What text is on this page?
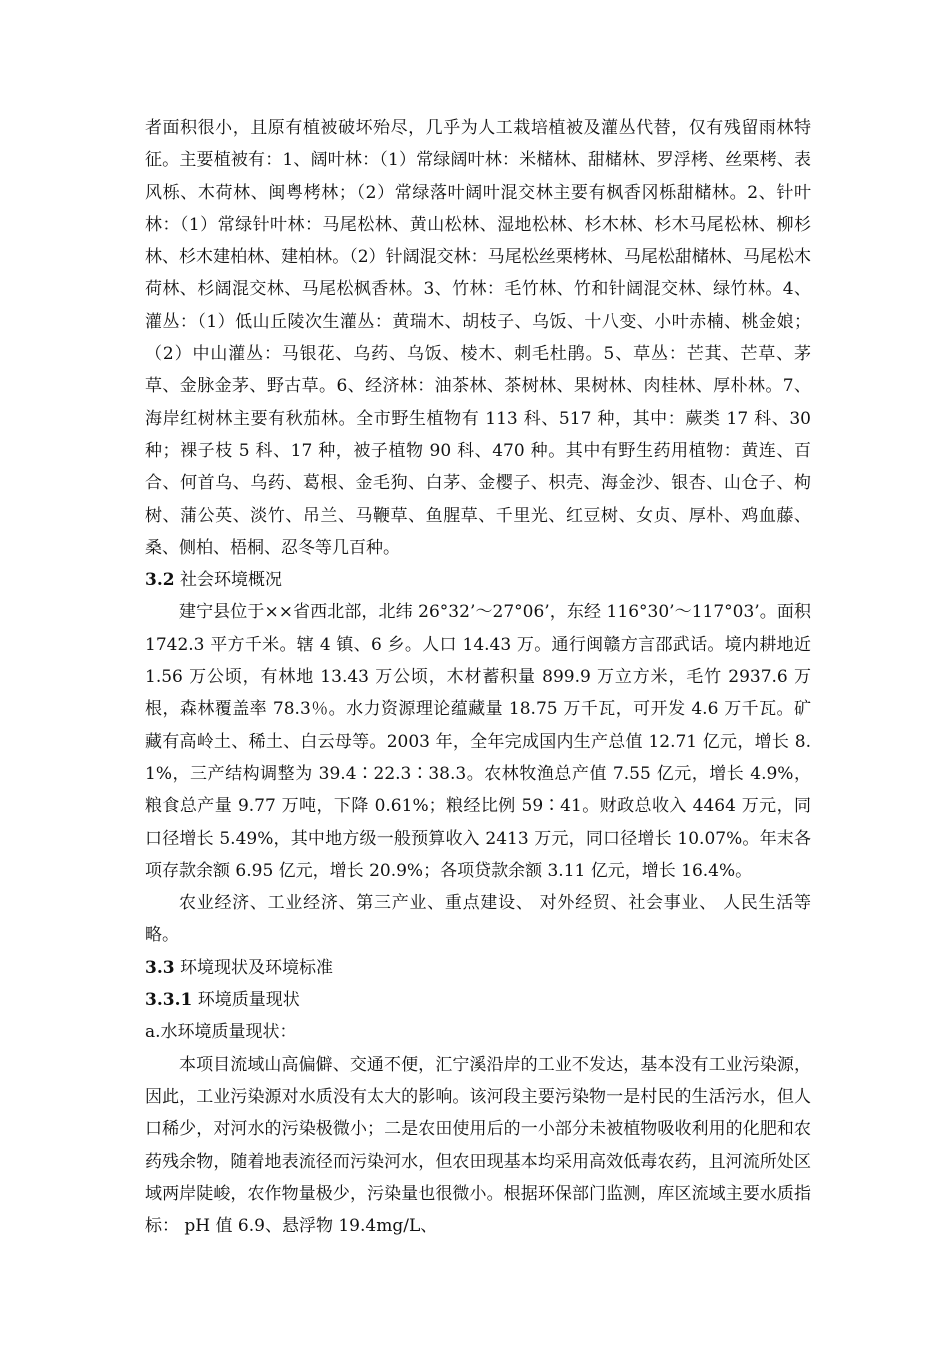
者面积很小，且原有植被破坏殆尽，几乎为人工栽培植被及灌丛代替，仅有残留雨林特征。主要植被有：1、阔叶林：（1）常绿阔叶林：米槠林、甜槠林、罗浮栲、丝栗栲、表风栎、木荷林、闽粤栲林；（2）常绿落叶阔叶混交林主要有枫香冈栎甜槠林。2、针叶林：（1）常绿针叶林：马尾松林、黄山松林、湿地松林、杉木林、杉木马尾松林、柳杉林、杉木建柏林、建柏林。（2）针阔混交林：马尾松丝栗栲林、马尾松甜槠林、马尾松木荷林、杉阔混交林、马尾松枫香林。3、竹林：毛竹林、竹和针阔混交林、绿竹林。4、灌丛：（1）低山丘陵次生灌丛：黄瑞木、胡枝子、乌饭、十八变、小叶赤楠、桃金娘；（2）中山灌丛：马银花、乌药、乌饭、棱木、刺毛杜鹃。5、草丛：芒萁、芒草、茅草、金脉金茅、野古草。6、经济林：油茶林、茶树林、果树林、肉桂林、厚朴林。7、海岸红树林主要有秋茄林。全市野生植物有 113 科、517 种，其中：蕨类 17 科、30 种；裸子枝 5 科、17 种，被子植物 90 科、470 种。其中有野生药用植物：黄连、百合、何首乌、乌药、葛根、金毛狗、白茅、金樱子、枳壳、海金沙、银杏、山仓子、枸树、蒲公英、淡竹、吊兰、马鞭草、鱼腥草、千里光、红豆树、女贞、厚朴、鸡血藤、桑、侧柏、梧桐、忍冬等几百种。

3.2 社会环境概况

建宁县位于××省西北部，北纬 26°32’～27°06’，东经 116°30’～117°03’。面积 1742.3 平方千米。辖 4 镇、6 乡。人口 14.43 万。通行闽赣方言邵武话。境内耕地近 1.56 万公顷，有林地 13.43 万公顷，木材蓄积量 899.9 万立方米，毛竹 2937.6 万根，森林覆盖率 78.3％。水力资源理论蕴藏量 18.75 万千瓦，可开发 4.6 万千瓦。矿藏有高岭土、稀土、白云母等。2003 年，全年完成国内生产总值 12.71 亿元，增长 8.1%，三产结构调整为 39.4∶22.3∶38.3。农林牧渔总产值 7.55 亿元，增长 4.9%，粮食总产量 9.77 万吨，下降 0.61%；粮经比例 59∶41。财政总收入 4464 万元，同口径增长 5.49%，其中地方级一般预算收入 2413 万元，同口径增长 10.07%。年末各项存款余额 6.95 亿元，增长 20.9%；各项贷款余额 3.11 亿元，增长 16.4%。

农业经济、工业经济、第三产业、重点建设、 对外经贸、社会事业、 人民生活等略。

3.3 环境现状及环境标准
3.3.1 环境质量现状

a.水环境质量现状：

本项目流域山高偏僻、交通不便，汇宁溪沿岸的工业不发达，基本没有工业污染源，因此，工业污染源对水质没有太大的影响。该河段主要污染物一是村民的生活污水，但人口稀少，对河水的污染极微小；二是农田使用后的一小部分未被植物吸收利用的化肥和农药残余物，随着地表流径而污染河水，但农田现基本均采用高效低毒农药，且河流所处区域两岸陡峻，农作物量极少，污染量也很微小。根据环保部门监测，库区流域主要水质指标： pH 值 6.9、悬浮物 19.4mg/L、
